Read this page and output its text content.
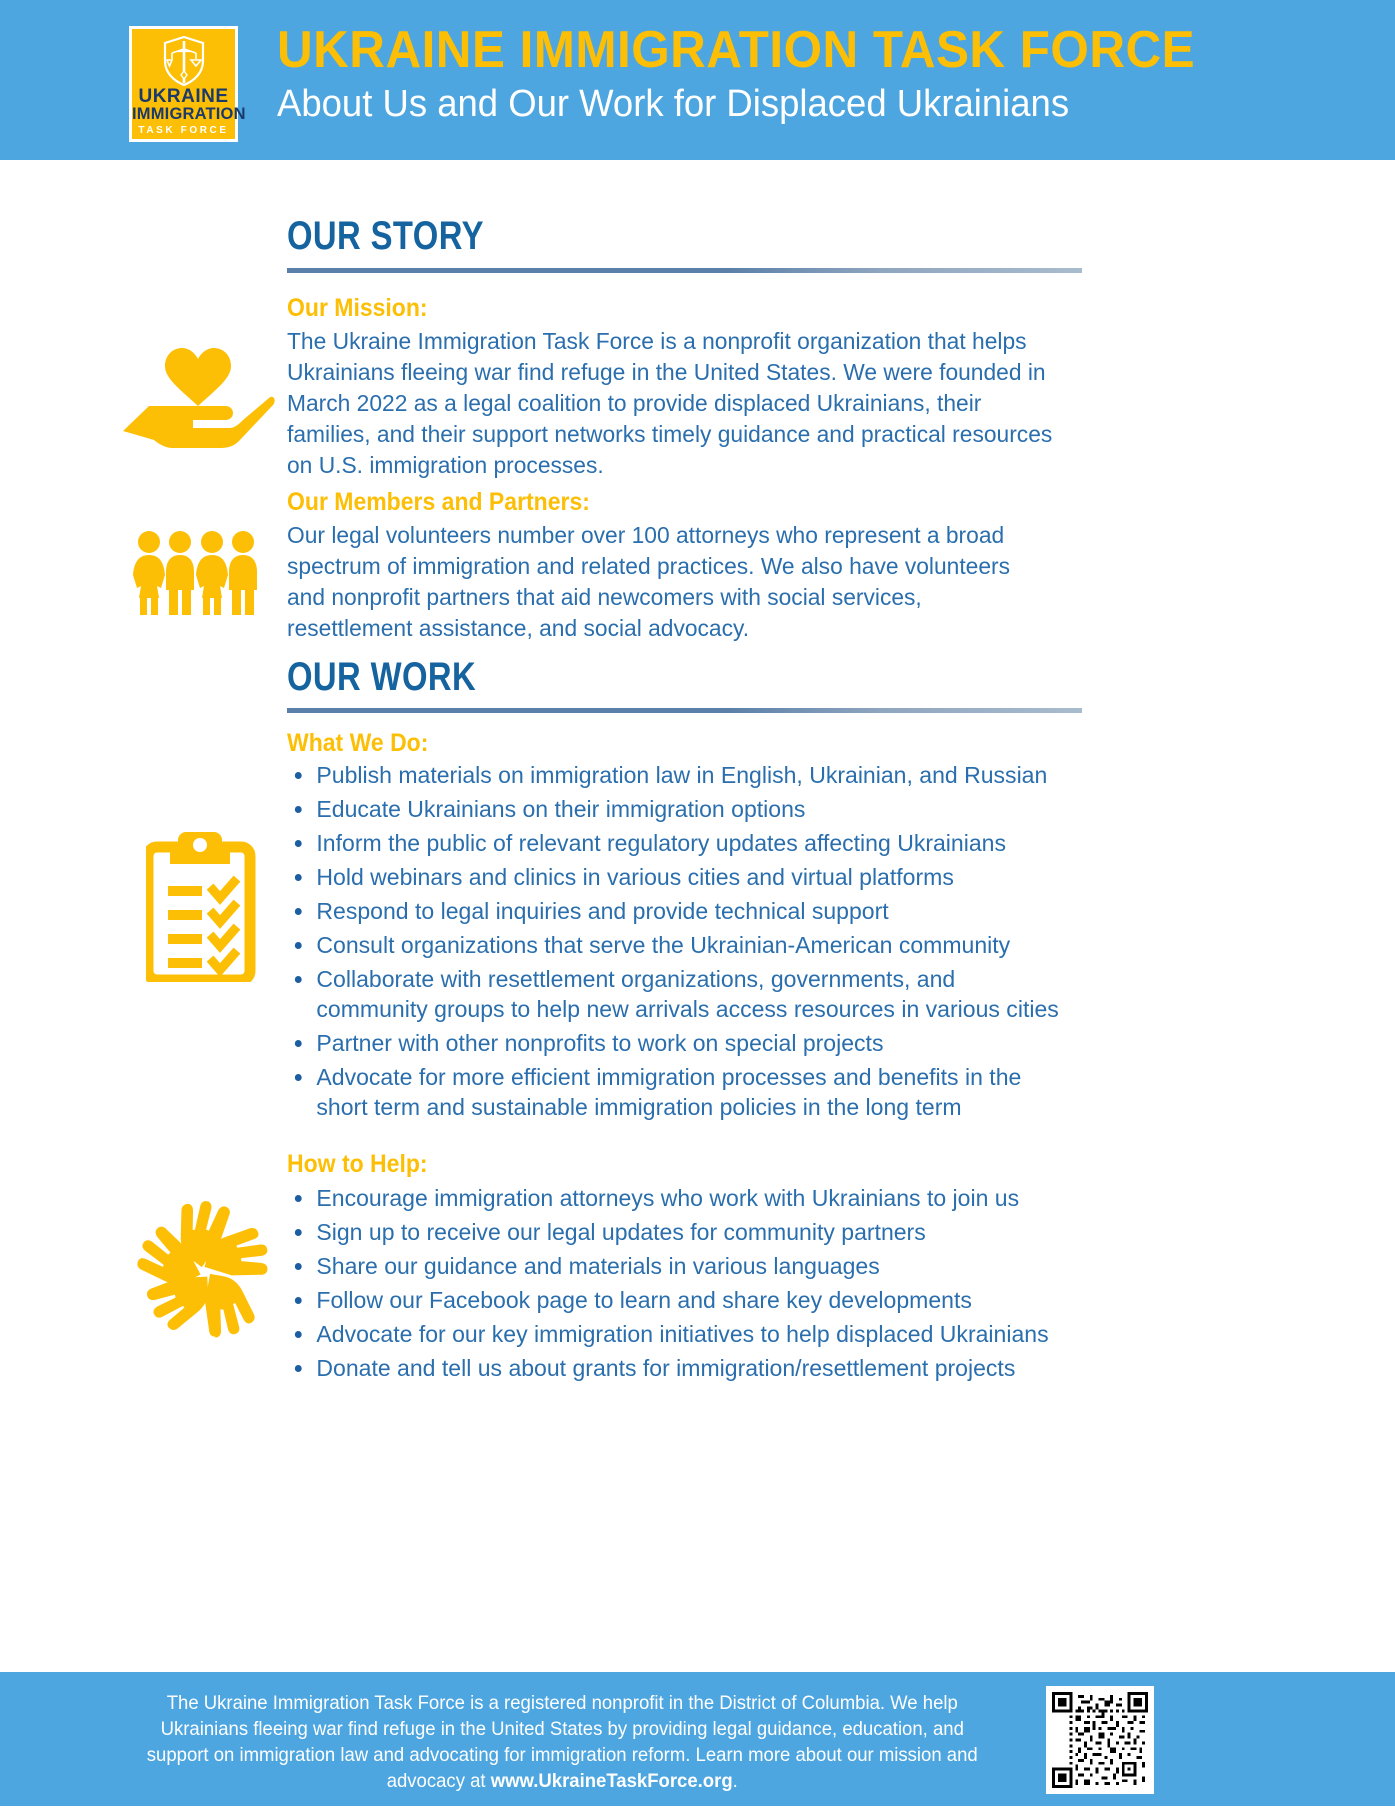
UKRAINE
IMMIGRATION
TASK FORCE
UKRAINE IMMIGRATION TASK FORCE
About Us and Our Work for Displaced Ukrainians
OUR STORY
Our Mission:

The Ukraine Immigration Task Force is a nonprofit organization that helps Ukrainians fleeing war find refuge in the United States. We were founded in March 2022 as a legal coalition to provide displaced Ukrainians, their families, and their support networks timely guidance and practical resources on U.S. immigration processes.

Our Members and Partners:

Our legal volunteers number over 100 attorneys who represent a broad spectrum of immigration and related practices. We also have volunteers and nonprofit partners that aid newcomers with social services, resettlement assistance, and social advocacy.

OUR WORK
What We Do:
Publish materials on immigration law in English, Ukrainian, and Russian
Educate Ukrainians on their immigration options
Inform the public of relevant regulatory updates affecting Ukrainians
Hold webinars and clinics in various cities and virtual platforms
Respond to legal inquiries and provide technical support
Consult organizations that serve the Ukrainian-American community
Collaborate with resettlement organizations, governments, and community groups to help new arrivals access resources in various cities
Partner with other nonprofits to work on special projects
Advocate for more efficient immigration processes and benefits in the short term and sustainable immigration policies in the long term
How to Help:
Encourage immigration attorneys who work with Ukrainians to join us
Sign up to receive our legal updates for community partners
Share our guidance and materials in various languages
Follow our Facebook page to learn and share key developments
Advocate for our key immigration initiatives to help displaced Ukrainians
Donate and tell us about grants for immigration/resettlement projects
The Ukraine Immigration Task Force is a registered nonprofit in the District of Columbia. We help Ukrainians fleeing war find refuge in the United States by providing legal guidance, education, and support on immigration law and advocating for immigration reform. Learn more about our mission and advocacy at www.UkraineTaskForce.org.
